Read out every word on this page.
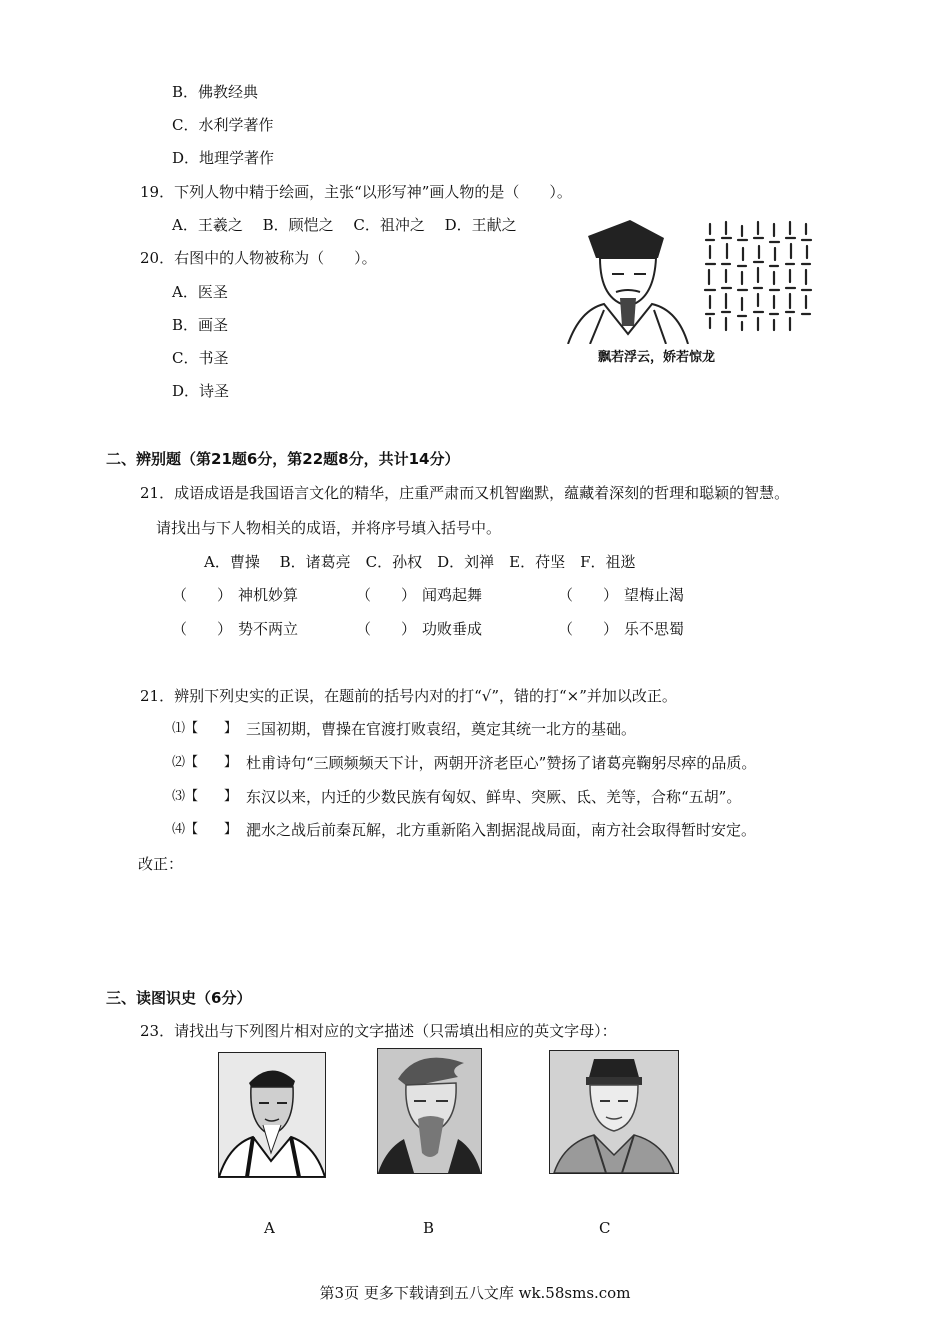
B．佛教经典
C．水利学著作
D．地理学著作
19．下列人物中精于绘画，主张“以形写神”画人物的是（　　）。
A．王羲之　 B．顾恺之　 C．祖冲之　 D．王献之
20．右图中的人物被称为（　　）。
A．医圣
B．画圣
C．书圣
D．诗圣
飘若浮云，娇若惊龙
二、辨别题（第21题6分，第22题8分，共计14分）
21．成语成语是我国语言文化的精华，庄重严肃而又机智幽默，蕴藏着深刻的哲理和聪颖的智慧。
请找出与下人物相关的成语，并将序号填入括号中。
A．曹操　 B．诸葛亮　C．孙权　D．刘禅　E．苻坚　F．祖逖
（　　） 神机妙算	（　　） 闻鸡起舞	（　　） 望梅止渴
（　　） 势不两立	（　　） 功败垂成	（　　） 乐不思蜀
21．辨别下列史实的正误，在题前的括号内对的打“√”，错的打“×”并加以改正。
⑴【　　】 三国初期，曹操在官渡打败袁绍，奠定其统一北方的基础。
⑵【　　】 杜甫诗句“三顾频频天下计，两朝开济老臣心”赞扬了诸葛亮鞠躬尽瘁的品质。
⑶【　　】 东汉以来，内迁的少数民族有匈奴、鲜卑、突厥、氐、羌等，合称“五胡”。
⑷【　　】 淝水之战后前秦瓦解，北方重新陷入割据混战局面，南方社会取得暂时安定。
改正：
三、读图识史（6分）
23．请找出与下列图片相对应的文字描述（只需填出相应的英文字母）：
A	B	C
第3页 更多下载请到五八文库 wk.58sms.com
